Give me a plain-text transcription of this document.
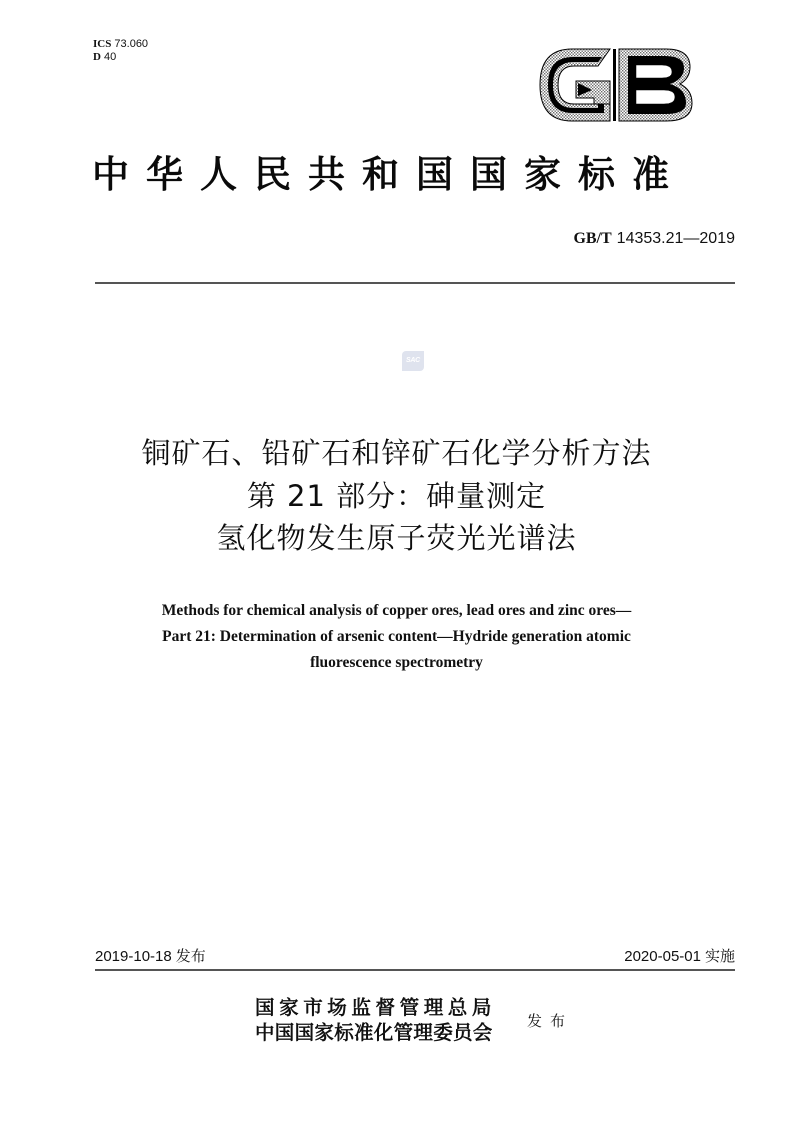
ICS 73.060
D 40
中华人民共和国国家标准
GB/T 14353.21—2019
SAC
铜矿石、铅矿石和锌矿石化学分析方法
第 21 部分：砷量测定
氢化物发生原子荧光光谱法
Methods for chemical analysis of copper ores, lead ores and zinc ores—
Part 21: Determination of arsenic content—Hydride generation atomic
fluorescence spectrometry
2019-10-18 发布	2020-05-01 实施
国家市场监督管理总局
中国国家标准化管理委员会 发布
